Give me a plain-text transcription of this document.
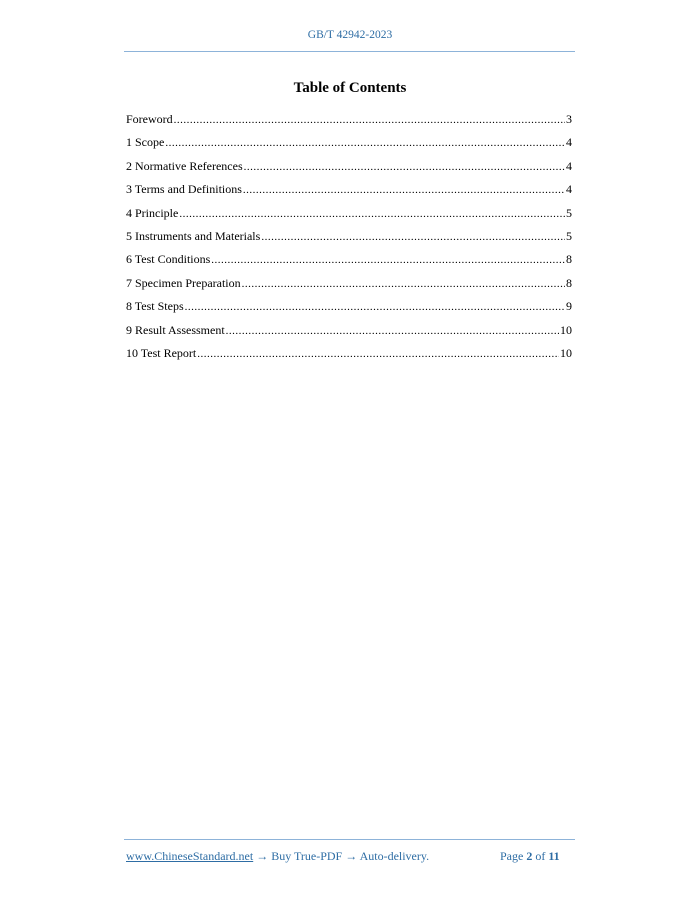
GB/T 42942-2023
Table of Contents
Foreword .....	3
1 Scope .....	4
2 Normative References .....	4
3 Terms and Definitions .....	4
4 Principle .....	5
5 Instruments and Materials .....	5
6 Test Conditions .....	8
7 Specimen Preparation .....	8
8 Test Steps .....	9
9 Result Assessment .....	10
10 Test Report .....	10
www.ChineseStandard.net → Buy True-PDF → Auto-delivery.	Page 2 of 11
